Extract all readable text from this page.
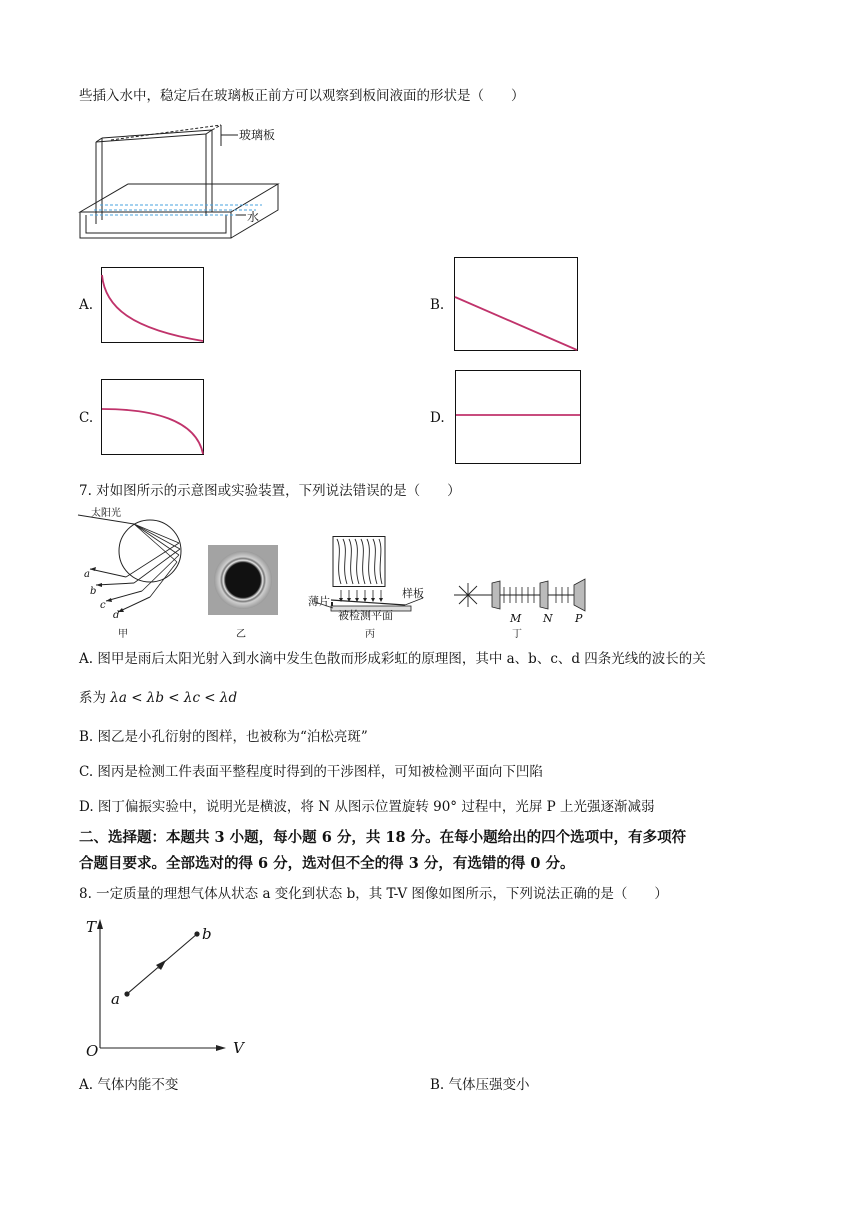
些插入水中，稳定后在玻璃板正前方可以观察到板间液面的形状是（　　）
玻璃板
水
A.	B.
C.	D.
7. 对如图所示的示意图或实验装置，下列说法错误的是（　　）
太阳光
a
b
c
d
甲	乙
薄片
样板
被检测平面
丙
M N P
丁
A. 图甲是雨后太阳光射入到水滴中发生色散而形成彩虹的原理图，其中 a、b、c、d 四条光线的波长的关
系为 λa < λb < λc < λd
B. 图乙是小孔衍射的图样，也被称为“泊松亮斑”
C. 图丙是检测工件表面平整程度时得到的干涉图样，可知被检测平面向下凹陷
D. 图丁偏振实验中，说明光是横波，将 N 从图示位置旋转 90° 过程中，光屏 P 上光强逐渐减弱
二、选择题：本题共 3 小题，每小题 6 分，共 18 分。在每小题给出的四个选项中，有多项符
合题目要求。全部选对的得 6 分，选对但不全的得 3 分，有选错的得 0 分。
8. 一定质量的理想气体从状态 a 变化到状态 b，其 T-V 图像如图所示，下列说法正确的是（　　）
T
V
O
a
b
A. 气体内能不变	B. 气体压强变小
